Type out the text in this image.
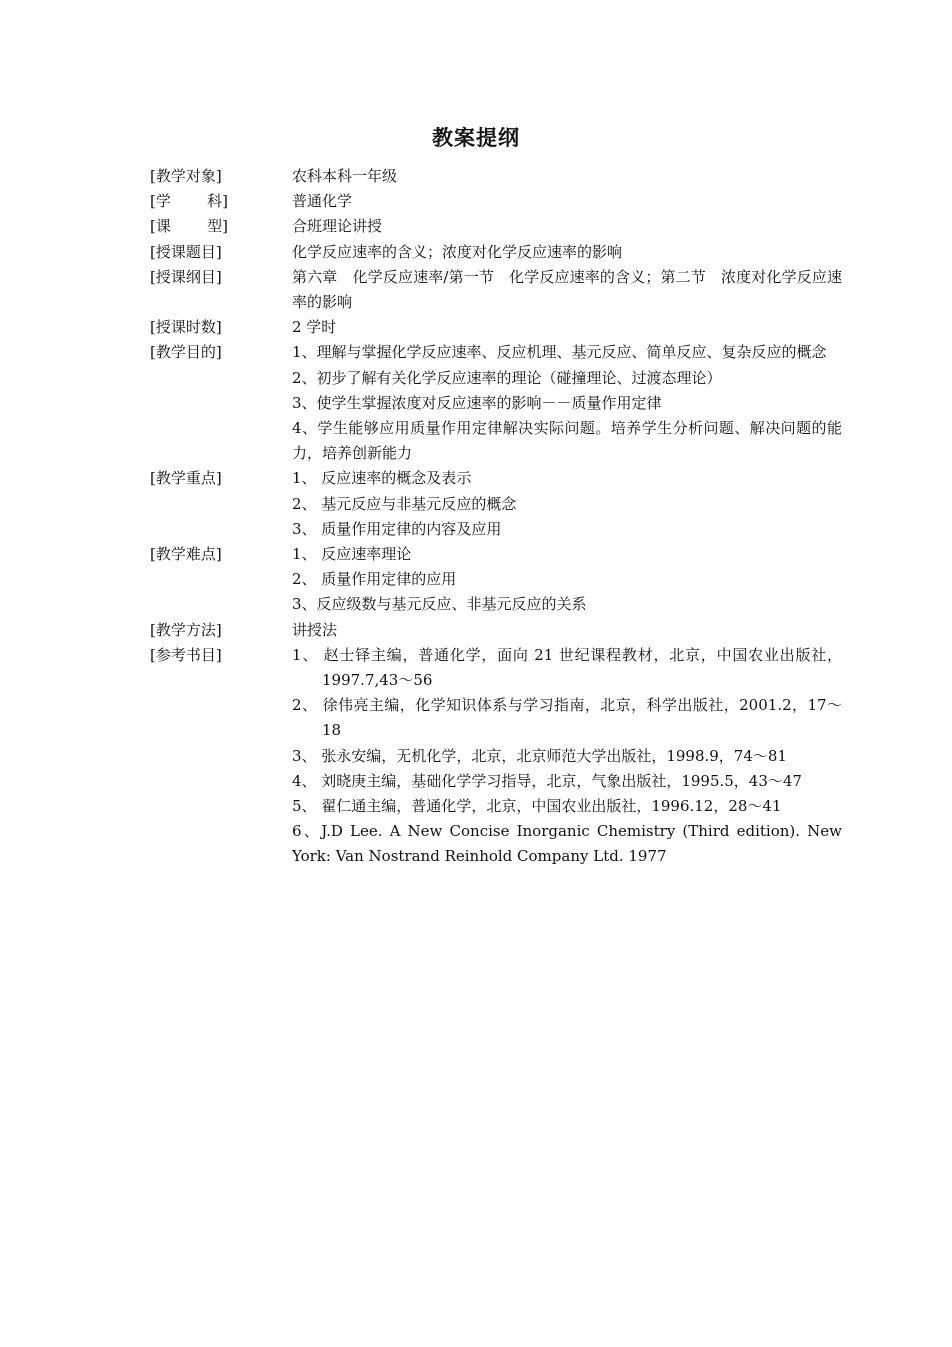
教案提纲
[教学对象]	农科本科一年级
[学 科]	普通化学
[课 型]	合班理论讲授
[授课题目]	化学反应速率的含义；浓度对化学反应速率的影响
[授课纲目]	第六章　化学反应速率/第一节　化学反应速率的含义；第二节　浓度对化学反应速率的影响
[授课时数]	2 学时
[教学目的]	1、理解与掌握化学反应速率、反应机理、基元反应、简单反应、复杂反应的概念
2、初步了解有关化学反应速率的理论（碰撞理论、过渡态理论）
3、使学生掌握浓度对反应速率的影响－－质量作用定律
4、学生能够应用质量作用定律解决实际问题。培养学生分析问题、解决问题的能力，培养创新能力
[教学重点]	1、 反应速率的概念及表示
2、 基元反应与非基元反应的概念
3、 质量作用定律的内容及应用
[教学难点]	1、 反应速率理论
2、 质量作用定律的应用
3、反应级数与基元反应、非基元反应的关系
[教学方法]	讲授法
[参考书目]	1、 赵士铎主编，普通化学，面向 21 世纪课程教材，北京，中国农业出版社，1997.7,43～56
2、 徐伟亮主编，化学知识体系与学习指南，北京，科学出版社，2001.2，17～18
3、 张永安编，无机化学，北京，北京师范大学出版社，1998.9，74～81
4、 刘晓庚主编，基础化学学习指导，北京，气象出版社，1995.5，43～47
5、 翟仁通主编，普通化学，北京，中国农业出版社，1996.12，28～41
6、J.D Lee. A New Concise Inorganic Chemistry (Third edition). New York: Van Nostrand Reinhold Company Ltd. 1977
